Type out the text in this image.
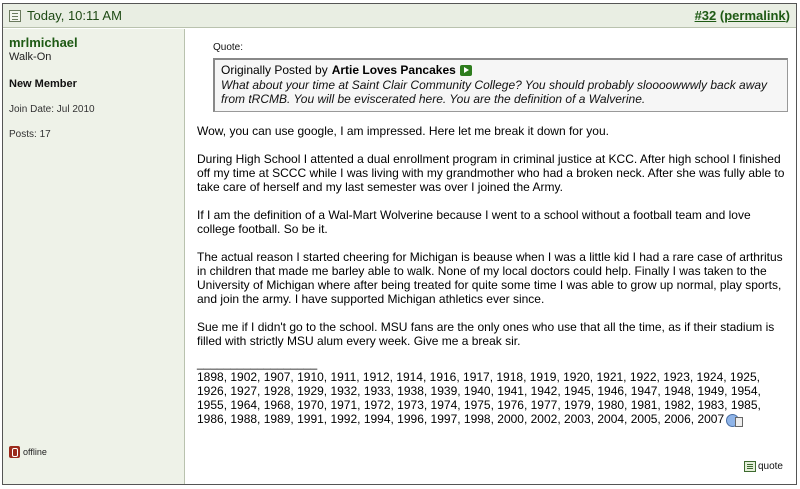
Today, 10:11 AM	#32 (permalink)
mrlmichael
Walk-On
New Member
Join Date: Jul 2010
Posts: 17
offline
Quote:
Originally Posted by Artie Loves Pancakes
What about your time at Saint Clair Community College? You should probably sloooowwwly back away from tRCMB. You will be eviscerated here. You are the definition of a Walverine.

Wow, you can use google, I am impressed. Here let me break it down for you.

During High School I attented a dual enrollment program in criminal justice at KCC. After high school I finished off my time at SCCC while I was living with my grandmother who had a broken neck. After she was fully able to take care of herself and my last semester was over I joined the Army.

If I am the definition of a Wal-Mart Wolverine because I went to a school without a football team and love college football. So be it.

The actual reason I started cheering for Michigan is beause when I was a little kid I had a rare case of arthritus in children that made me barley able to walk. None of my local doctors could help. Finally I was taken to the University of Michigan where after being treated for quite some time I was able to grow up normal, play sports, and join the army. I have supported Michigan athletics ever since.

Sue me if I didn't go to the school. MSU fans are the only ones who use that all the time, as if their stadium is filled with strictly MSU alum every week. Give me a break sir.

__________________
1898, 1902, 1907, 1910, 1911, 1912, 1914, 1916, 1917, 1918, 1919, 1920, 1921, 1922, 1923, 1924, 1925, 1926, 1927, 1928, 1929, 1932, 1933, 1938, 1939, 1940, 1941, 1942, 1945, 1946, 1947, 1948, 1949, 1954, 1955, 1964, 1968, 1970, 1971, 1972, 1973, 1974, 1975, 1976, 1977, 1979, 1980, 1981, 1982, 1983, 1985, 1986, 1988, 1989, 1991, 1992, 1994, 1996, 1997, 1998, 2000, 2002, 2003, 2004, 2005, 2006, 2007
quote
